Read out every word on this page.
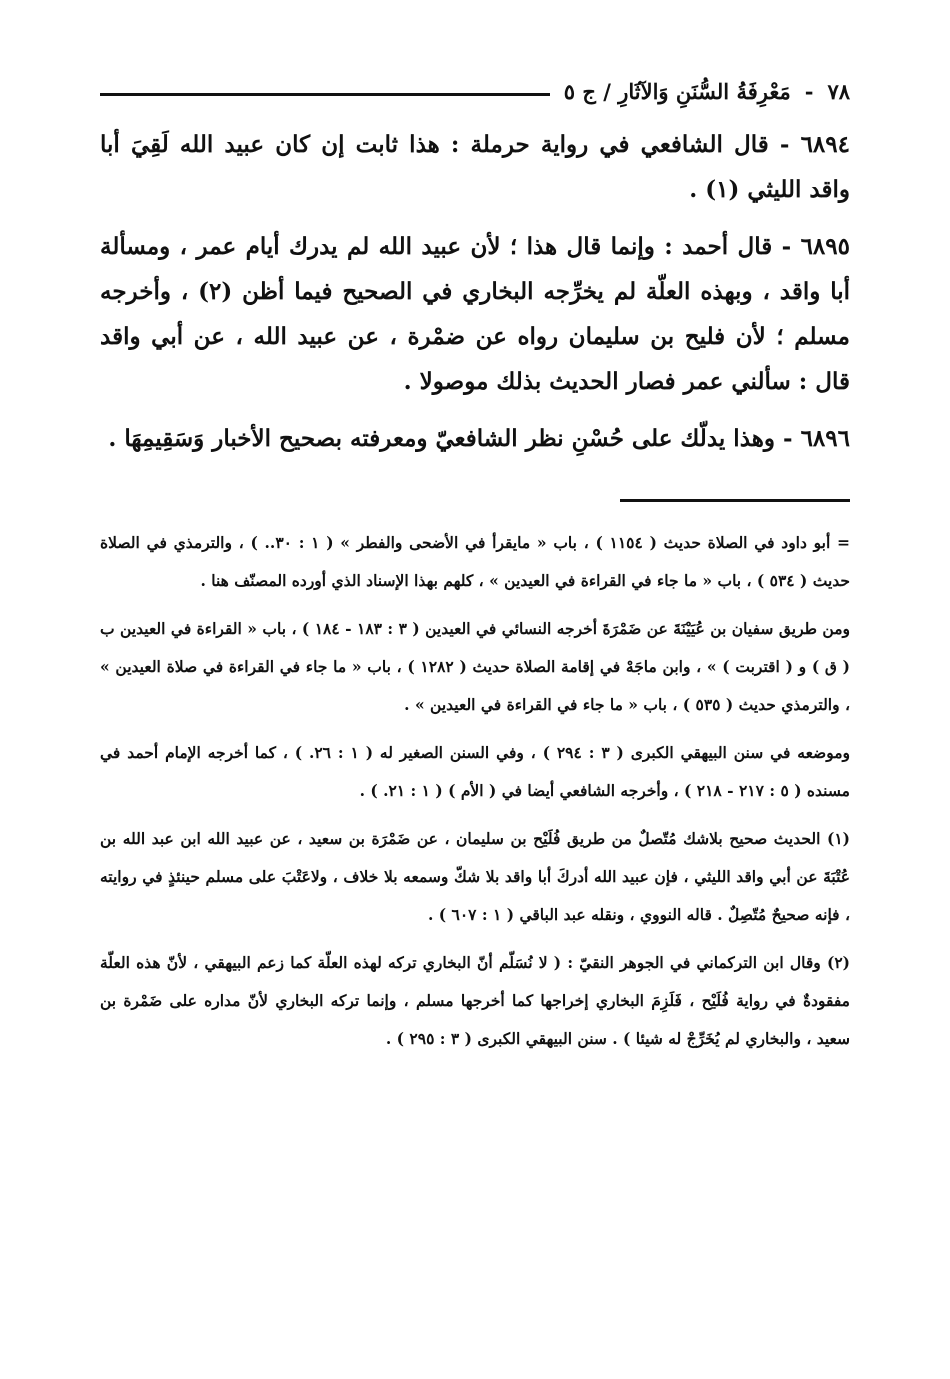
٧٨
-
مَعْرِفَةُ السُّنَنِ وَالآثَارِ / ج ٥

٦٨٩٤ - قال الشافعي في رواية حرملة : هذا ثابت إن كان عبيد الله لَقِيَ أبا واقد الليثي (١) .

٦٨٩٥ - قال أحمد : وإنما قال هذا ؛ لأن عبيد الله لم يدرك أيام عمر ، ومسألة أبا واقد ، وبهذه العلّة لم يخرِّجه البخاري في الصحيح فيما أظن (٢) ، وأخرجه مسلم ؛ لأن فليح بن سليمان رواه عن ضمْرة ، عن عبيد الله ، عن أبي واقد قال : سألني عمر فصار الحديث بذلك موصولا .

٦٨٩٦ - وهذا يدلّك على حُسْنِ نظر الشافعيّ ومعرفته بصحيح الأخبار وَسَقِيمِهَا .

= أبو داود في الصلاة حديث ( ١١٥٤ ) ، باب « مايقرأ في الأضحى والفطر » ( ١ : ٣٠.. ) ، والترمذي في الصلاة حديث ( ٥٣٤ ) ، باب « ما جاء في القراءة في العيدين » ، كلهم بهذا الإسناد الذي أورده المصنّف هنا .

ومن طريق سفيان بن عُيَيْنَةَ عن ضَمْرَةَ أخرجه النسائي في العيدين ( ٣ : ١٨٣ - ١٨٤ ) ، باب « القراءة في العيدين ب ( ق ) و ( اقتربت ) » ، وابن ماجَهْ في إقامة الصلاة حديث ( ١٢٨٢ ) ، باب « ما جاء في القراءة في صلاة العيدين » ، والترمذي حديث ( ٥٣٥ ) ، باب « ما جاء في القراءة في العيدين » .

وموضعه في سنن البيهقي الكبرى ( ٣ : ٢٩٤ ) ، وفي السنن الصغير له ( ١ : ٢٦. ) ، كما أخرجه الإمام أحمد في مسنده ( ٥ : ٢١٧ - ٢١٨ ) ، وأخرجه الشافعي أيضا في ( الأم ) ( ١ : ٢١. ) .

(١) الحديث صحيح بلاشك مُتّصلٌ من طريق فُلَيْح بن سليمان ، عن ضَمْرَة بن سعيد ، عن عبيد الله ابن عبد الله بن عُتْبَةَ عن أبي واقد الليثي ، فإن عبيد الله أدركَ أبا واقد بلا شكّ وسمعه بلا خلاف ، ولاعَتْبَ على مسلم حينئذٍ في روايته ، فإنه صحيحٌ مُتّصِلٌ . قاله النووي ، ونقله عبد الباقي ( ١ : ٦٠٧ ) .

(٢) وقال ابن التركماني في الجوهر النقيّ : ( لا نُسَلّم أنّ البخاري تركه لهذه العلّة كما زعم البيهقي ، لأنّ هذه العلّة مفقودةٌ في رواية فُلَيْح ، فَلَزِمَ البخاري إخراجها كما أخرجها مسلم ، وإنما تركه البخاري لأنّ مداره على ضَمْرة بن سعيد ، والبخاري لم يُخَرِّجْ له شيئا ) . سنن البيهقي الكبرى ( ٣ : ٢٩٥ ) .
